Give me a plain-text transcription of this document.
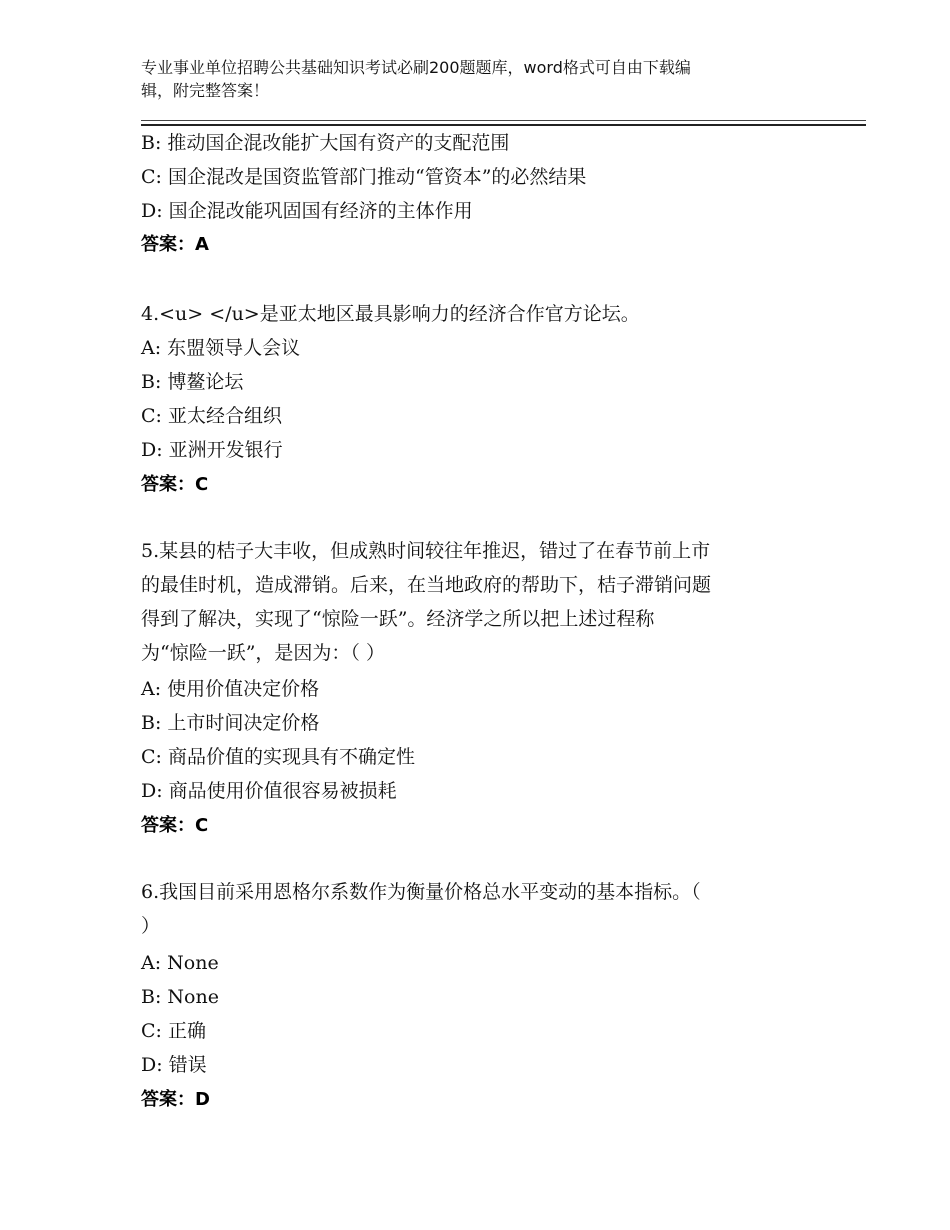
专业事业单位招聘公共基础知识考试必刷200题题库，word格式可自由下载编
辑，附完整答案！
B: 推动国企混改能扩大国有资产的支配范围
C: 国企混改是国资监管部门推动“管资本”的必然结果
D: 国企混改能巩固国有经济的主体作用
答案：A
4.<u> </u>是亚太地区最具影响力的经济合作官方论坛。
A: 东盟领导人会议
B: 博鳌论坛
C: 亚太经合组织
D: 亚洲开发银行
答案：C
5.某县的桔子大丰收，但成熟时间较往年推迟，错过了在春节前上市
的最佳时机，造成滞销。后来，在当地政府的帮助下，桔子滞销问题
得到了解决，实现了“惊险一跃”。经济学之所以把上述过程称
为“惊险一跃”，是因为：（ ）
A: 使用价值决定价格
B: 上市时间决定价格
C: 商品价值的实现具有不确定性
D: 商品使用价值很容易被损耗
答案：C
6.我国目前采用恩格尔系数作为衡量价格总水平变动的基本指标。（
）
A: None
B: None
C: 正确
D: 错误
答案：D
